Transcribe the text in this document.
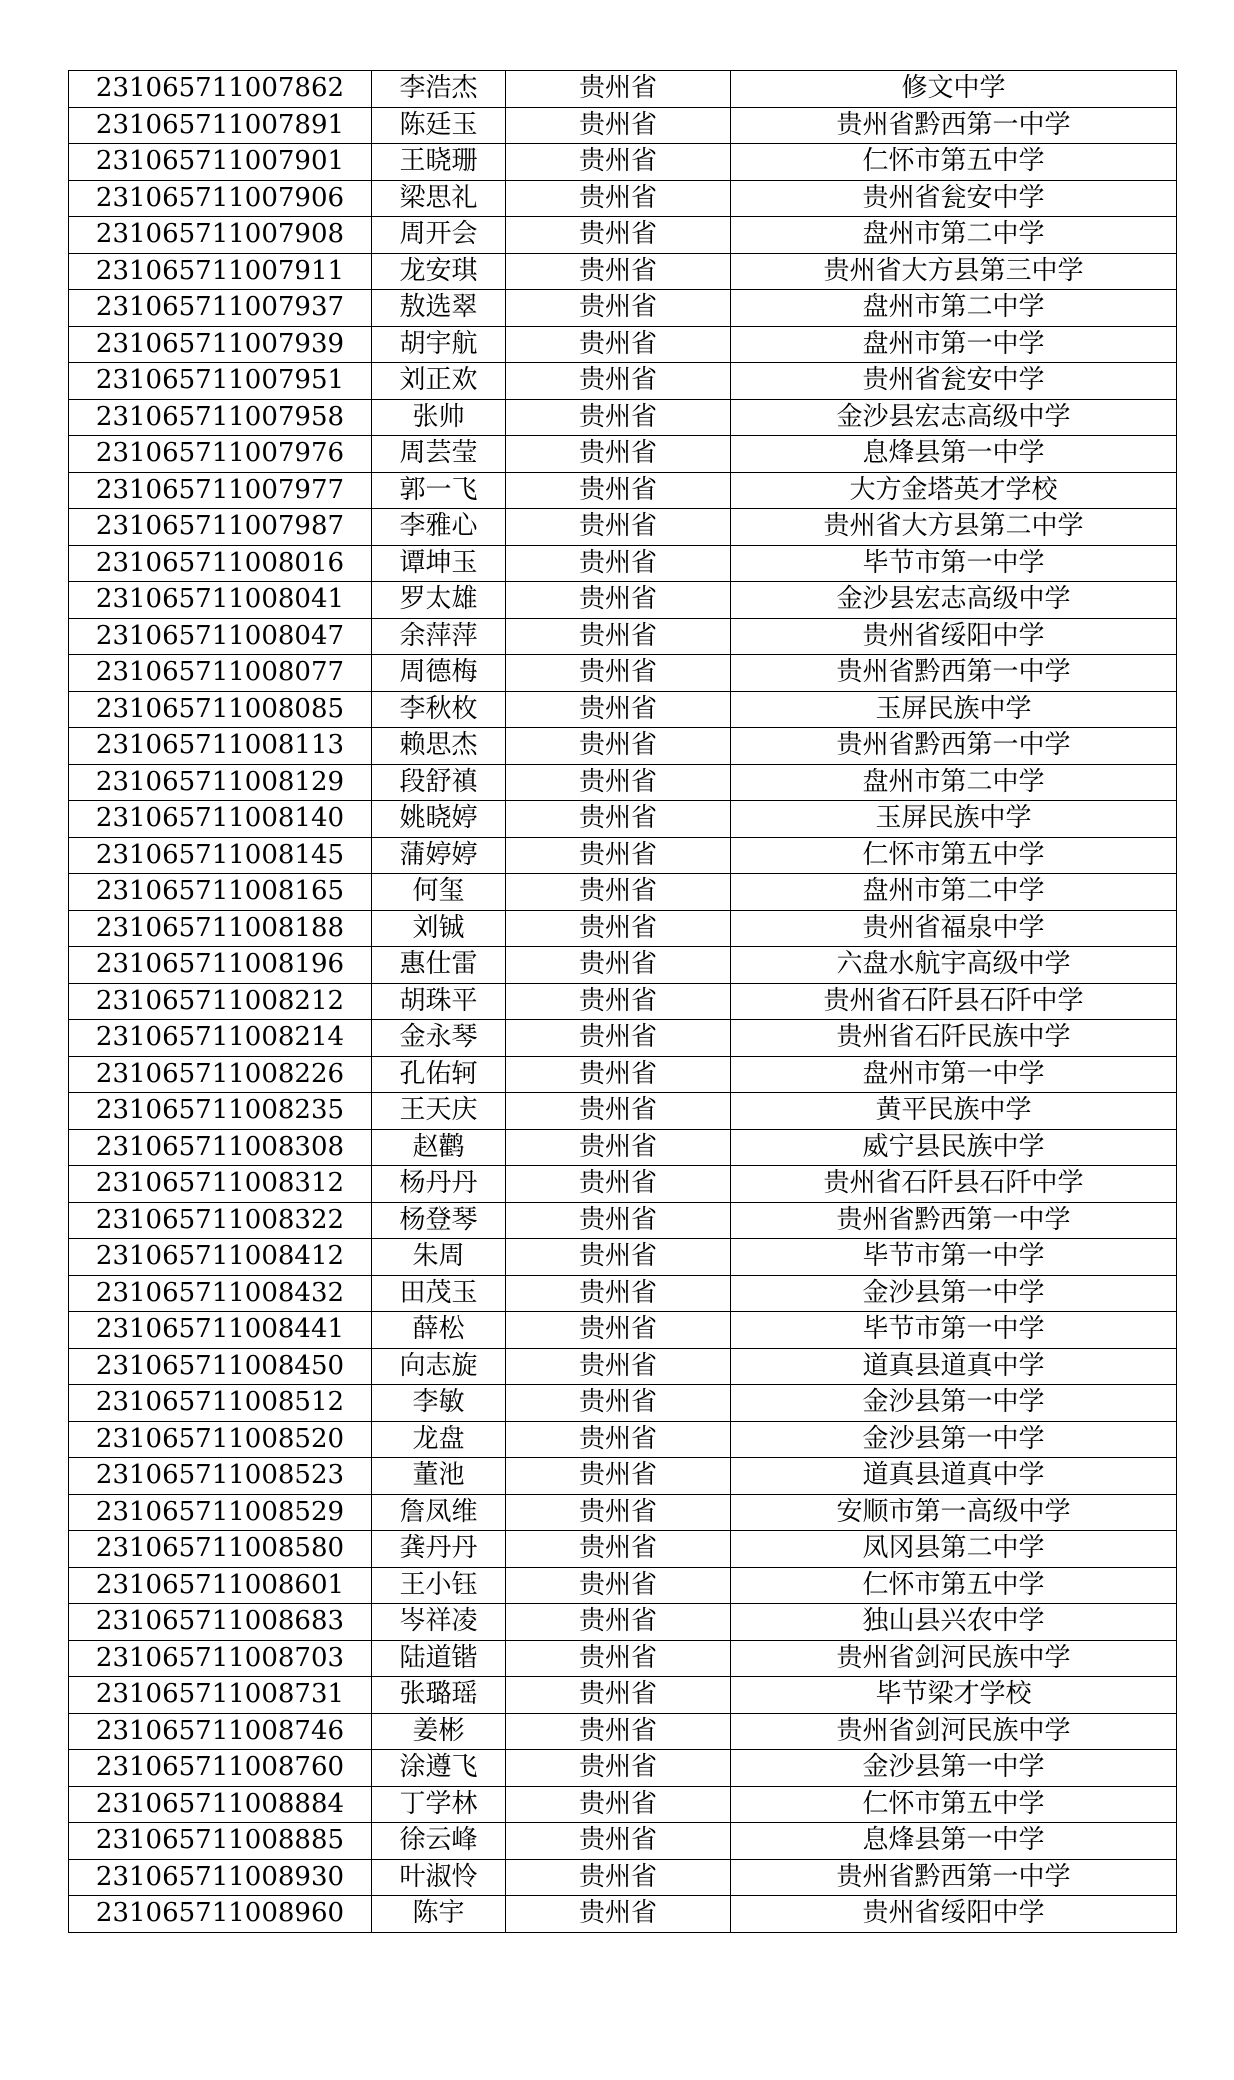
231065711007862	李浩杰	贵州省	修文中学
231065711007891	陈廷玉	贵州省	贵州省黔西第一中学
231065711007901	王晓珊	贵州省	仁怀市第五中学
231065711007906	梁思礼	贵州省	贵州省瓮安中学
231065711007908	周开会	贵州省	盘州市第二中学
231065711007911	龙安琪	贵州省	贵州省大方县第三中学
231065711007937	敖选翠	贵州省	盘州市第二中学
231065711007939	胡宇航	贵州省	盘州市第一中学
231065711007951	刘正欢	贵州省	贵州省瓮安中学
231065711007958	张帅	贵州省	金沙县宏志高级中学
231065711007976	周芸莹	贵州省	息烽县第一中学
231065711007977	郭一飞	贵州省	大方金塔英才学校
231065711007987	李雅心	贵州省	贵州省大方县第二中学
231065711008016	谭坤玉	贵州省	毕节市第一中学
231065711008041	罗太雄	贵州省	金沙县宏志高级中学
231065711008047	余萍萍	贵州省	贵州省绥阳中学
231065711008077	周德梅	贵州省	贵州省黔西第一中学
231065711008085	李秋枚	贵州省	玉屏民族中学
231065711008113	赖思杰	贵州省	贵州省黔西第一中学
231065711008129	段舒禛	贵州省	盘州市第二中学
231065711008140	姚晓婷	贵州省	玉屏民族中学
231065711008145	蒲婷婷	贵州省	仁怀市第五中学
231065711008165	何玺	贵州省	盘州市第二中学
231065711008188	刘铖	贵州省	贵州省福泉中学
231065711008196	惠仕雷	贵州省	六盘水航宇高级中学
231065711008212	胡珠平	贵州省	贵州省石阡县石阡中学
231065711008214	金永琴	贵州省	贵州省石阡民族中学
231065711008226	孔佑轲	贵州省	盘州市第一中学
231065711008235	王天庆	贵州省	黄平民族中学
231065711008308	赵鹳	贵州省	威宁县民族中学
231065711008312	杨丹丹	贵州省	贵州省石阡县石阡中学
231065711008322	杨登琴	贵州省	贵州省黔西第一中学
231065711008412	朱周	贵州省	毕节市第一中学
231065711008432	田茂玉	贵州省	金沙县第一中学
231065711008441	薛松	贵州省	毕节市第一中学
231065711008450	向志旋	贵州省	道真县道真中学
231065711008512	李敏	贵州省	金沙县第一中学
231065711008520	龙盘	贵州省	金沙县第一中学
231065711008523	董池	贵州省	道真县道真中学
231065711008529	詹凤维	贵州省	安顺市第一高级中学
231065711008580	龚丹丹	贵州省	凤冈县第二中学
231065711008601	王小钰	贵州省	仁怀市第五中学
231065711008683	岑祥凌	贵州省	独山县兴农中学
231065711008703	陆道锴	贵州省	贵州省剑河民族中学
231065711008731	张璐瑶	贵州省	毕节梁才学校
231065711008746	姜彬	贵州省	贵州省剑河民族中学
231065711008760	涂遵飞	贵州省	金沙县第一中学
231065711008884	丁学林	贵州省	仁怀市第五中学
231065711008885	徐云峰	贵州省	息烽县第一中学
231065711008930	叶淑怜	贵州省	贵州省黔西第一中学
231065711008960	陈宇	贵州省	贵州省绥阳中学
